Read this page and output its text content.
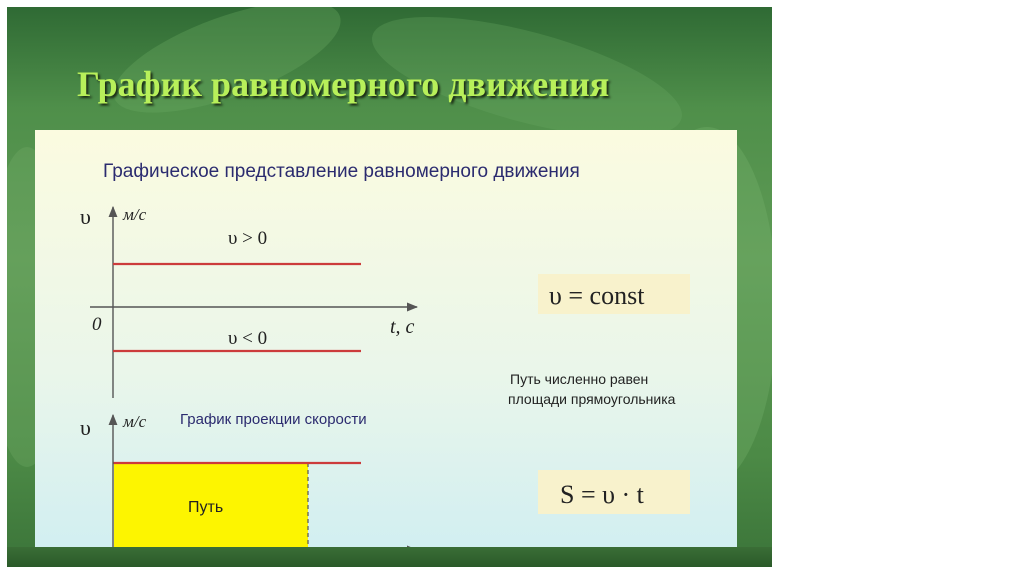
График равномерного движения
Графическое представление равномерного движения
υ м/с
0	t, с
υ > 0
υ < 0
υ = const
Путь численно равен
площади прямоугольника
График проекции скорости
Путь
υ м/с
S = υ · t
